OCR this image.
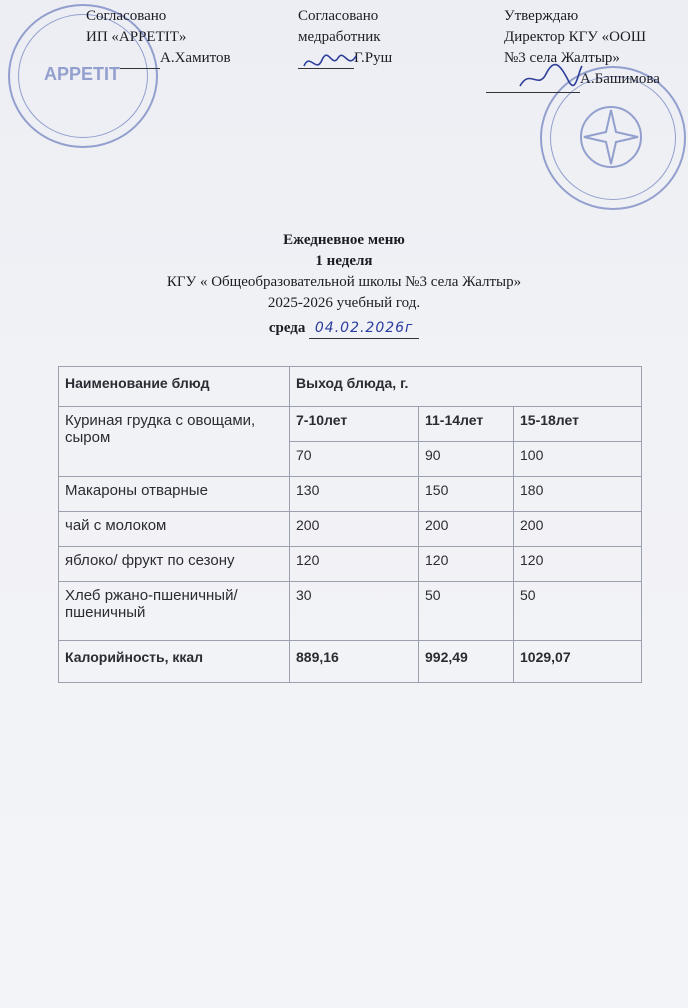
APPETIT
Согласовано
ИП «APPETIT»
А.Хамитов
Согласовано
медработник
Г.Руш
Утверждаю
Директор КГУ «ООШ
№3 села Жалтыр»
А.Башимова
Ежедневное меню
1 неделя
КГУ « Общеобразовательной школы №3 села Жалтыр»
2025-2026 учебный год.
среда 04.02.2026г
Наименование блюд	Выход блюда, г.		
Куриная грудка с овощами, сыром	7-10лет	11-14лет	15-18лет
	70	90	100
Макароны отварные	130	150	180
чай с молоком	200	200	200
яблоко/ фрукт по сезону	120	120	120
Хлеб ржано-пшеничный/ пшеничный	30	50	50
Калорийность, ккал	889,16	992,49	1029,07
